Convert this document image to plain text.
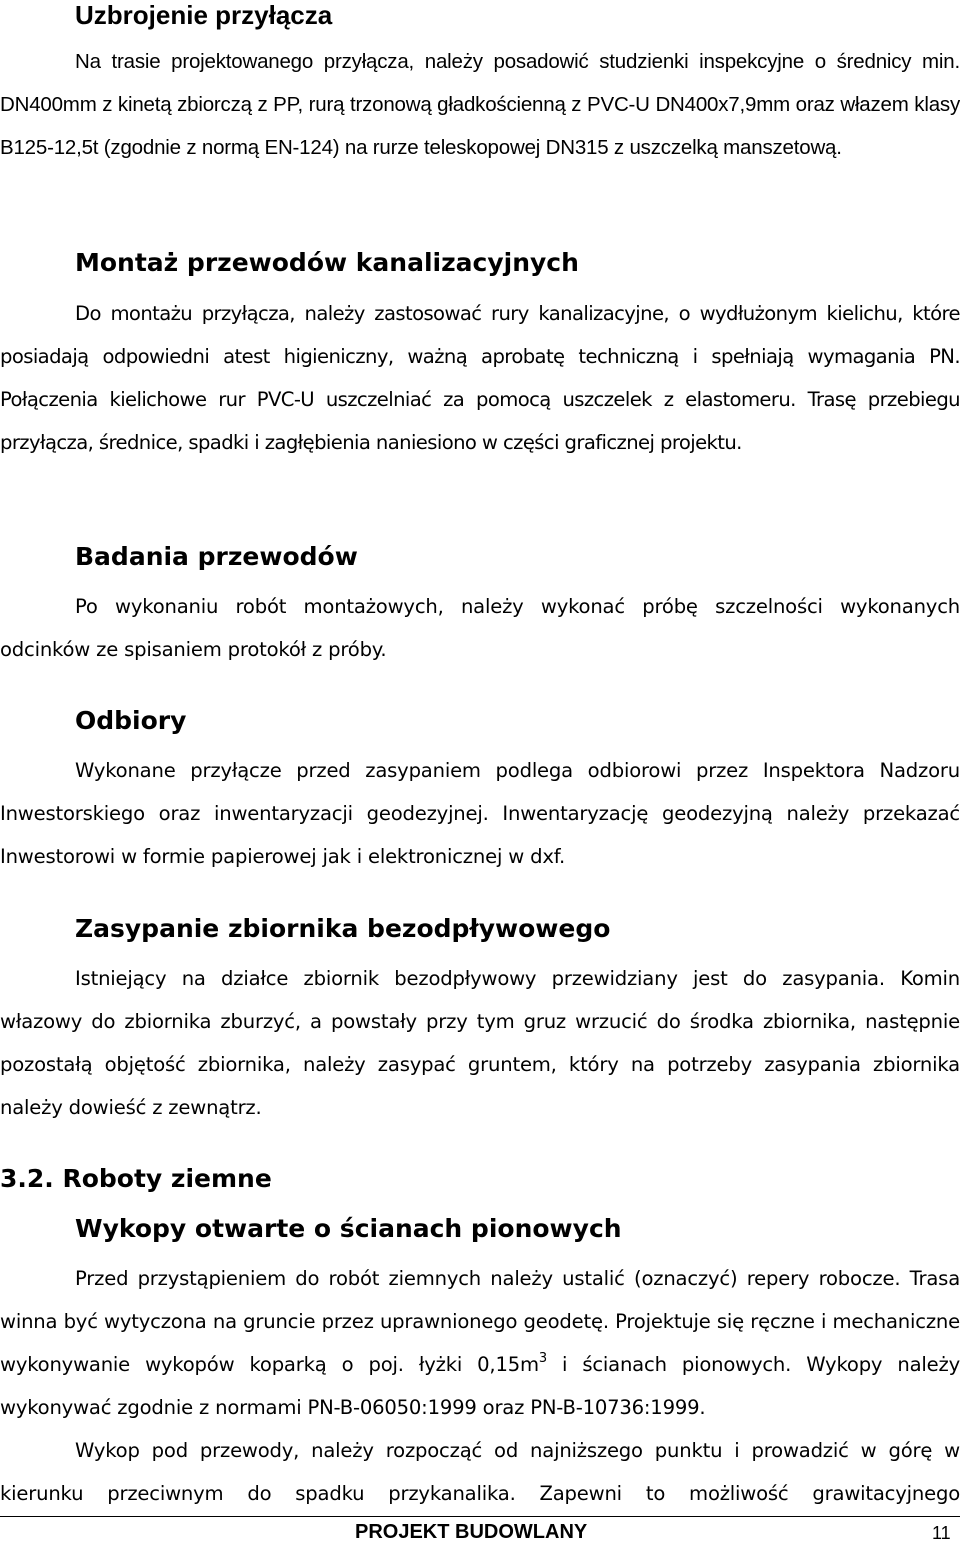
Uzbrojenie przyłącza

Na trasie projektowanego przyłącza, należy posadowić studzienki inspekcyjne o średnicy min. DN400mm z kinetą zbiorczą z PP, rurą trzonową gładkościenną z PVC-U DN400x7,9mm oraz włazem klasy B125-12,5t (zgodnie z normą EN-124) na rurze teleskopowej DN315 z uszczelką manszetową.

Montaż przewodów kanalizacyjnych

Do montażu przyłącza, należy zastosować rury kanalizacyjne, o wydłużonym kielichu, które posiadają odpowiedni atest higieniczny, ważną aprobatę techniczną i spełniają wymagania PN. Połączenia kielichowe rur PVC-U uszczelniać za pomocą uszczelek z elastomeru. Trasę przebiegu przyłącza, średnice, spadki i zagłębienia naniesiono w części graficznej projektu.

Badania przewodów

Po wykonaniu robót montażowych, należy wykonać próbę szczelności wykonanych odcinków ze spisaniem protokół z próby.

Odbiory

Wykonane przyłącze przed zasypaniem podlega odbiorowi przez Inspektora Nadzoru Inwestorskiego oraz inwentaryzacji geodezyjnej. Inwentaryzację geodezyjną należy przekazać Inwestorowi w formie papierowej jak i elektronicznej w dxf.

Zasypanie zbiornika bezodpływowego

Istniejący na działce zbiornik bezodpływowy przewidziany jest do zasypania. Komin włazowy do zbiornika zburzyć, a powstały przy tym gruz wrzucić do środka zbiornika, następnie pozostałą objętość zbiornika, należy zasypać gruntem, który na potrzeby zasypania zbiornika należy dowieść z zewnątrz.

3.2. Roboty ziemne
Wykopy otwarte o ścianach pionowych

Przed przystąpieniem do robót ziemnych należy ustalić (oznaczyć) repery robocze. Trasa winna być wytyczona na gruncie przez uprawnionego geodetę. Projektuje się ręczne i mechaniczne wykonywanie wykopów koparką o poj. łyżki $0,15m^3$ i ścianach pionowych. Wykopy należy wykonywać zgodnie z normami PN-B-06050:1999 oraz PN-B-10736:1999.

Wykop pod przewody, należy rozpocząć od najniższego punktu i prowadzić w górę w kierunku przeciwnym do spadku przykanalika. Zapewni to możliwość grawitacyjnego

PROJEKT BUDOWLANY	11
